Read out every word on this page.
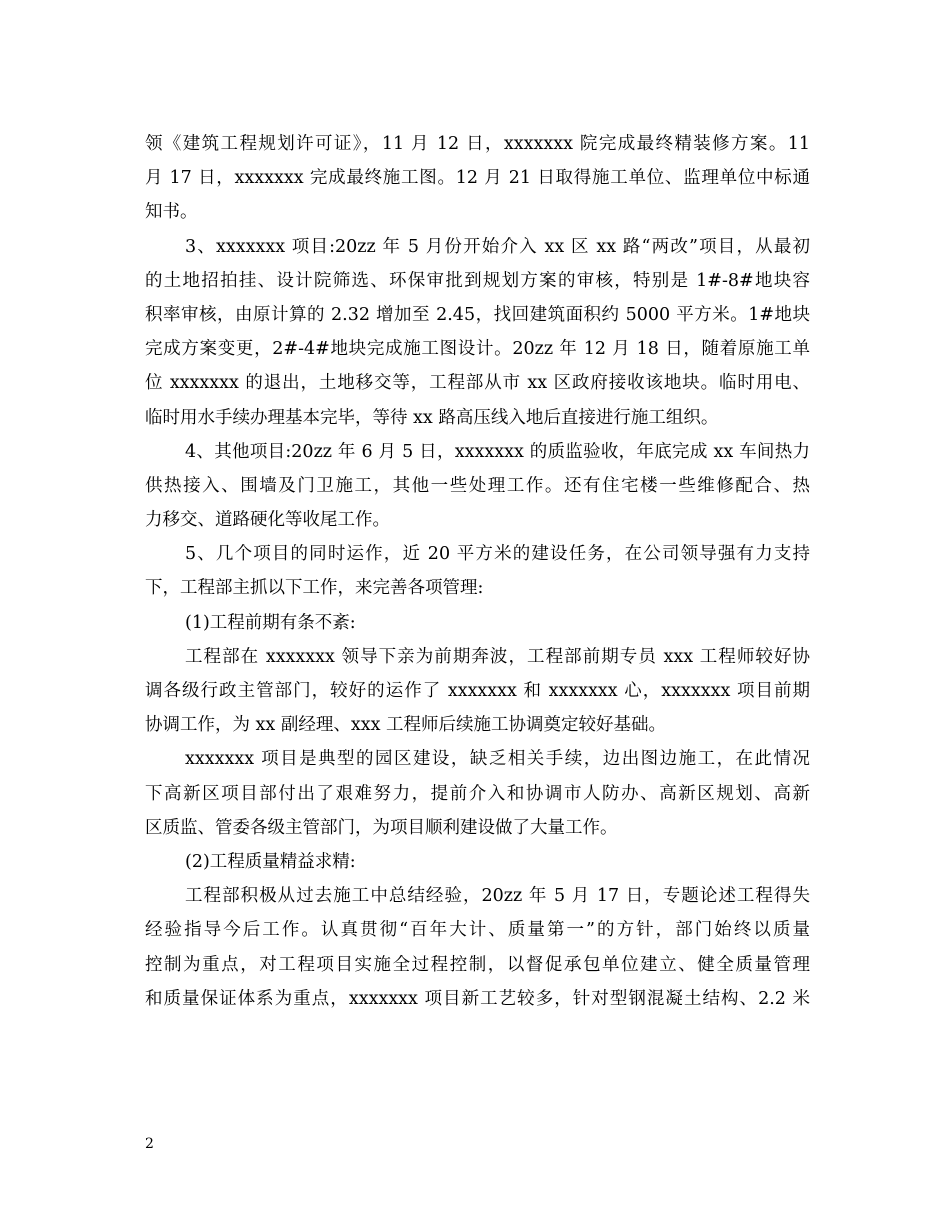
领《建筑工程规划许可证》，11 月 12 日，xxxxxxx 院完成最终精装修方案。11
月 17 日，xxxxxxx 完成最终施工图。12 月 21 日取得施工单位、监理单位中标通
知书。
3、xxxxxxx 项目:20zz 年 5 月份开始介入 xx 区 xx 路“两改”项目，从最初
的土地招拍挂、设计院筛选、环保审批到规划方案的审核，特别是 1#-8#地块容
积率审核，由原计算的 2.32 增加至 2.45，找回建筑面积约 5000 平方米。1#地块
完成方案变更，2#-4#地块完成施工图设计。20zz 年 12 月 18 日，随着原施工单
位 xxxxxxx 的退出，土地移交等，工程部从市 xx 区政府接收该地块。临时用电、
临时用水手续办理基本完毕，等待 xx 路高压线入地后直接进行施工组织。
4、其他项目:20zz 年 6 月 5 日，xxxxxxx 的质监验收，年底完成 xx 车间热力
供热接入、围墙及门卫施工，其他一些处理工作。还有住宅楼一些维修配合、热
力移交、道路硬化等收尾工作。
5、几个项目的同时运作，近 20 平方米的建设任务，在公司领导强有力支持
下，工程部主抓以下工作，来完善各项管理:
(1)工程前期有条不紊:
工程部在 xxxxxxx 领导下亲为前期奔波，工程部前期专员 xxx 工程师较好协
调各级行政主管部门，较好的运作了 xxxxxxx 和 xxxxxxx 心，xxxxxxx 项目前期
协调工作，为 xx 副经理、xxx 工程师后续施工协调奠定较好基础。
xxxxxxx 项目是典型的园区建设，缺乏相关手续，边出图边施工，在此情况
下高新区项目部付出了艰难努力，提前介入和协调市人防办、高新区规划、高新
区质监、管委各级主管部门，为项目顺利建设做了大量工作。
(2)工程质量精益求精:
工程部积极从过去施工中总结经验，20zz 年 5 月 17 日，专题论述工程得失
经验指导今后工作。认真贯彻“百年大计、质量第一”的方针，部门始终以质量
控制为重点，对工程项目实施全过程控制，以督促承包单位建立、健全质量管理
和质量保证体系为重点，xxxxxxx 项目新工艺较多，针对型钢混凝土结构、2.2 米
2
